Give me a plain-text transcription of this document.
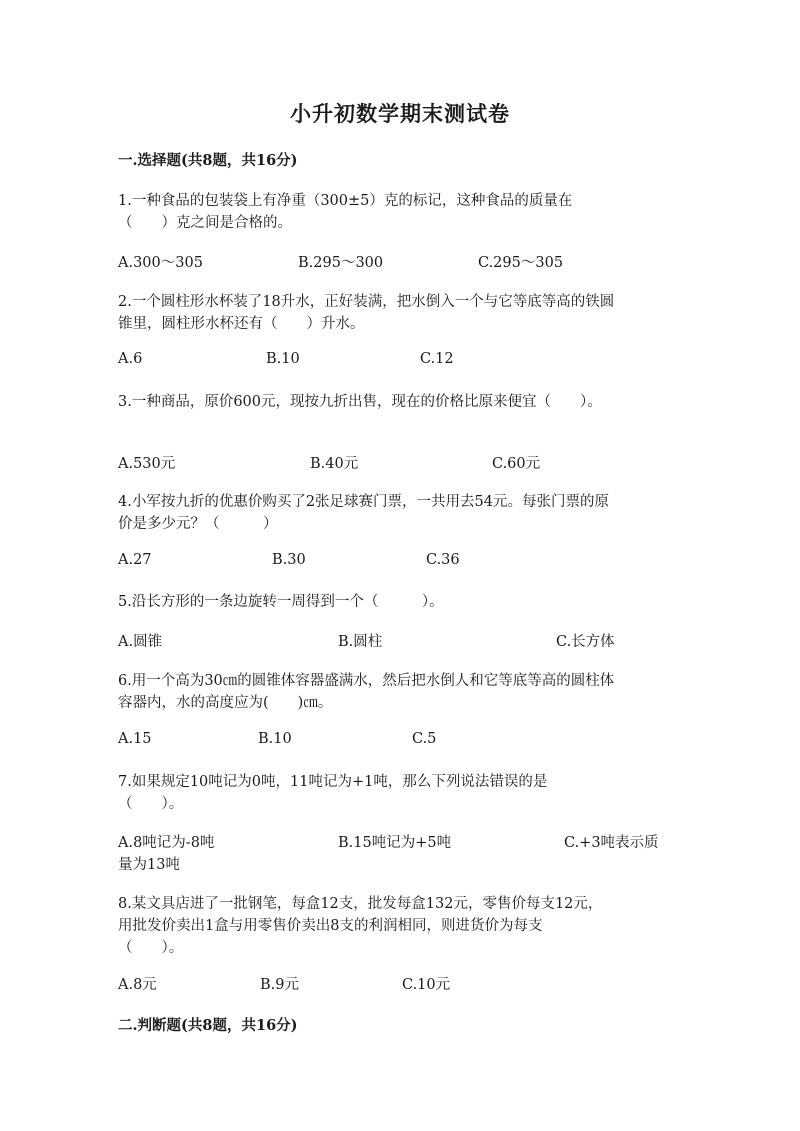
小升初数学期末测试卷
一.选择题(共8题，共16分)
1.一种食品的包装袋上有净重（300±5）克的标记，这种食品的质量在
（　　）克之间是合格的。
A.300～305	B.295～300	C.295～305
2.一个圆柱形水杯装了18升水，正好装满，把水倒入一个与它等底等高的铁圆
锥里，圆柱形水杯还有（　　）升水。
A.6	B.10	C.12
3.一种商品，原价600元，现按九折出售，现在的价格比原来便宜（　　）。
A.530元	B.40元	C.60元
4.小军按九折的优惠价购买了2张足球赛门票，一共用去54元。每张门票的原
价是多少元？（　　　）
A.27	B.30	C.36
5.沿长方形的一条边旋转一周得到一个（　　　）。
A.圆锥	B.圆柱	C.长方体
6.用一个高为30㎝的圆锥体容器盛满水，然后把水倒人和它等底等高的圆柱体
容器内，水的高度应为(　　)㎝。
A.15	B.10	C.5
7.如果规定10吨记为0吨，11吨记为+1吨，那么下列说法错误的是
（　　）。
A.8吨记为-8吨	B.15吨记为+5吨	C.+3吨表示质
量为13吨
8.某文具店进了一批钢笔，每盒12支，批发每盒132元，零售价每支12元，
用批发价卖出1盒与用零售价卖出8支的利润相同，则进货价为每支
（　　）。
A.8元	B.9元	C.10元
二.判断题(共8题，共16分)
